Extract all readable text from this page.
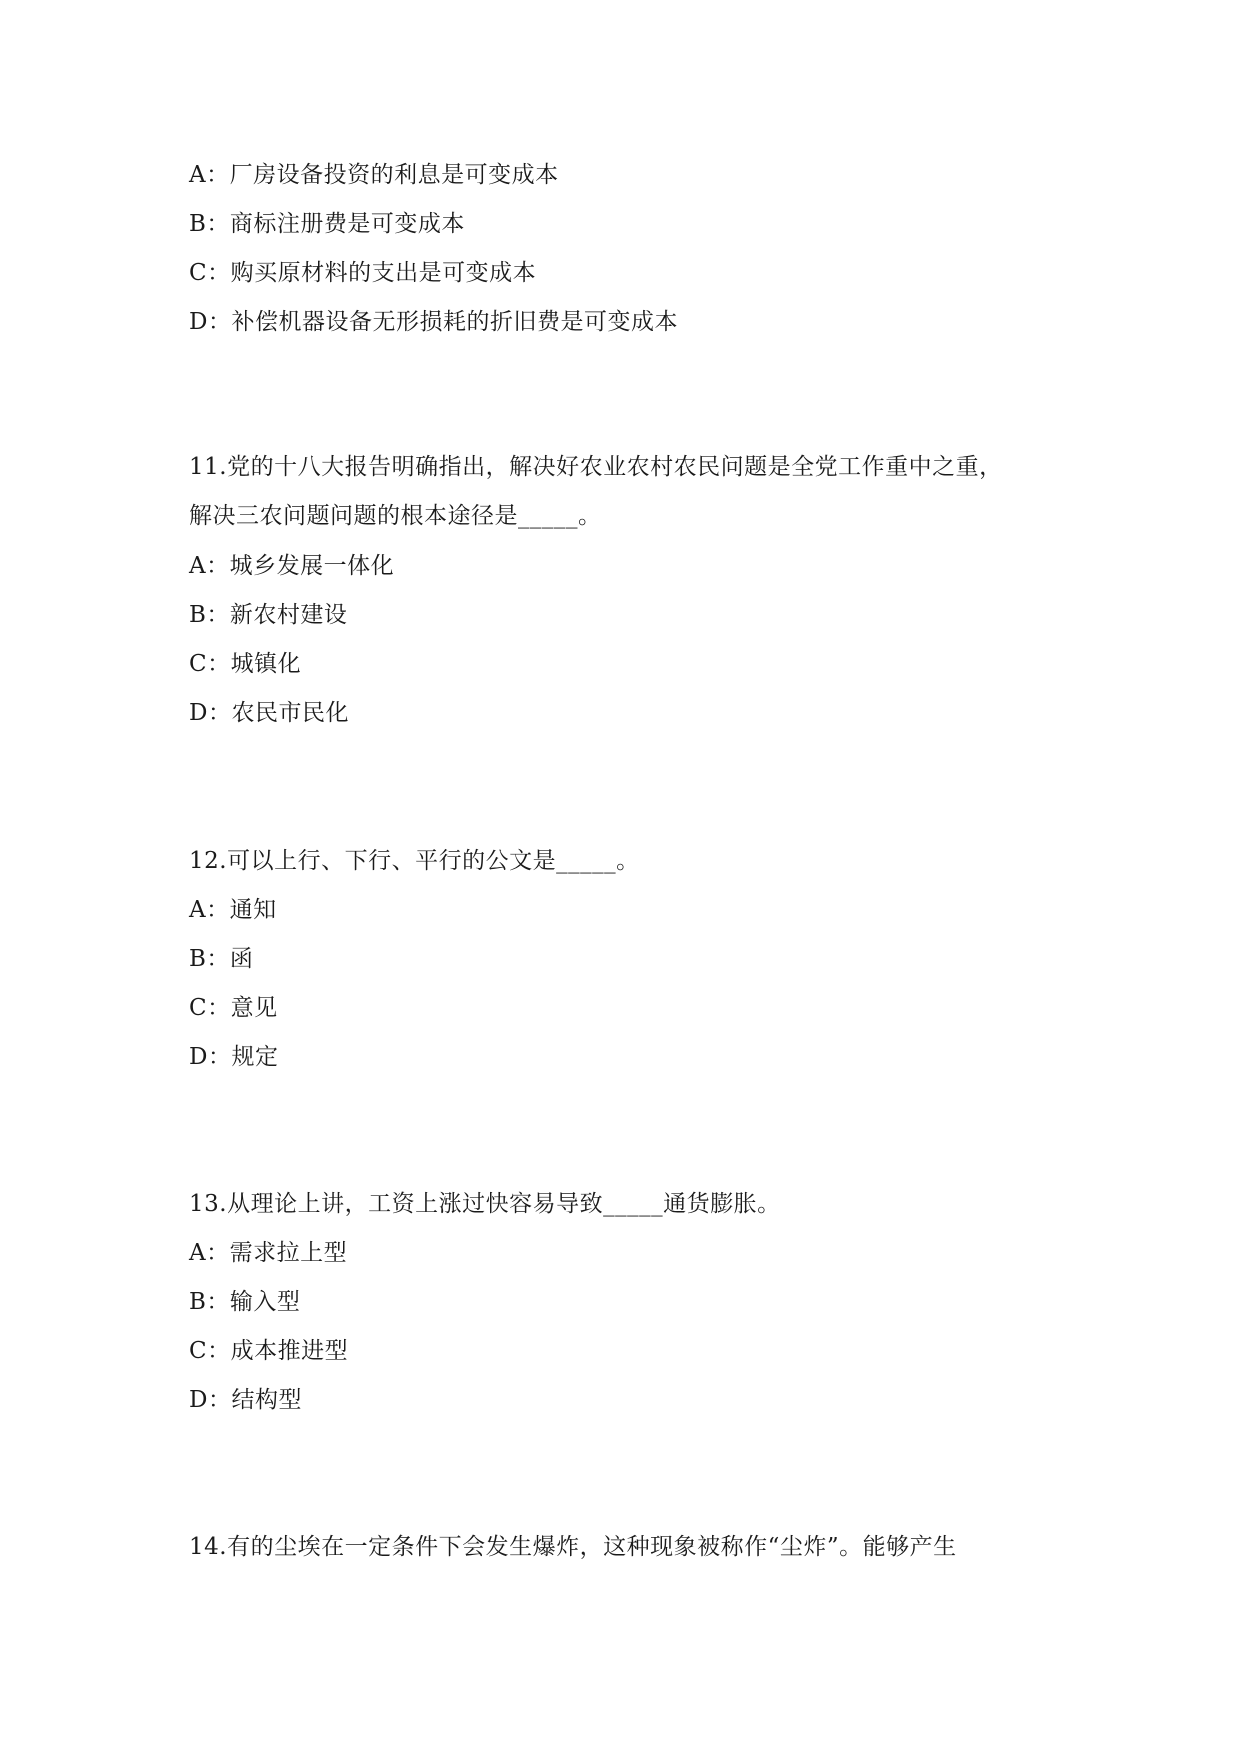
A：厂房设备投资的利息是可变成本
B：商标注册费是可变成本
C：购买原材料的支出是可变成本
D：补偿机器设备无形损耗的折旧费是可变成本
11.党的十八大报告明确指出，解决好农业农村农民问题是全党工作重中之重，
解决三农问题问题的根本途径是_____。
A：城乡发展一体化
B：新农村建设
C：城镇化
D：农民市民化
12.可以上行、下行、平行的公文是_____。
A：通知
B：函
C：意见
D：规定
13.从理论上讲，工资上涨过快容易导致_____通货膨胀。
A：需求拉上型
B：输入型
C：成本推进型
D：结构型
14.有的尘埃在一定条件下会发生爆炸，这种现象被称作“尘炸”。能够产生
